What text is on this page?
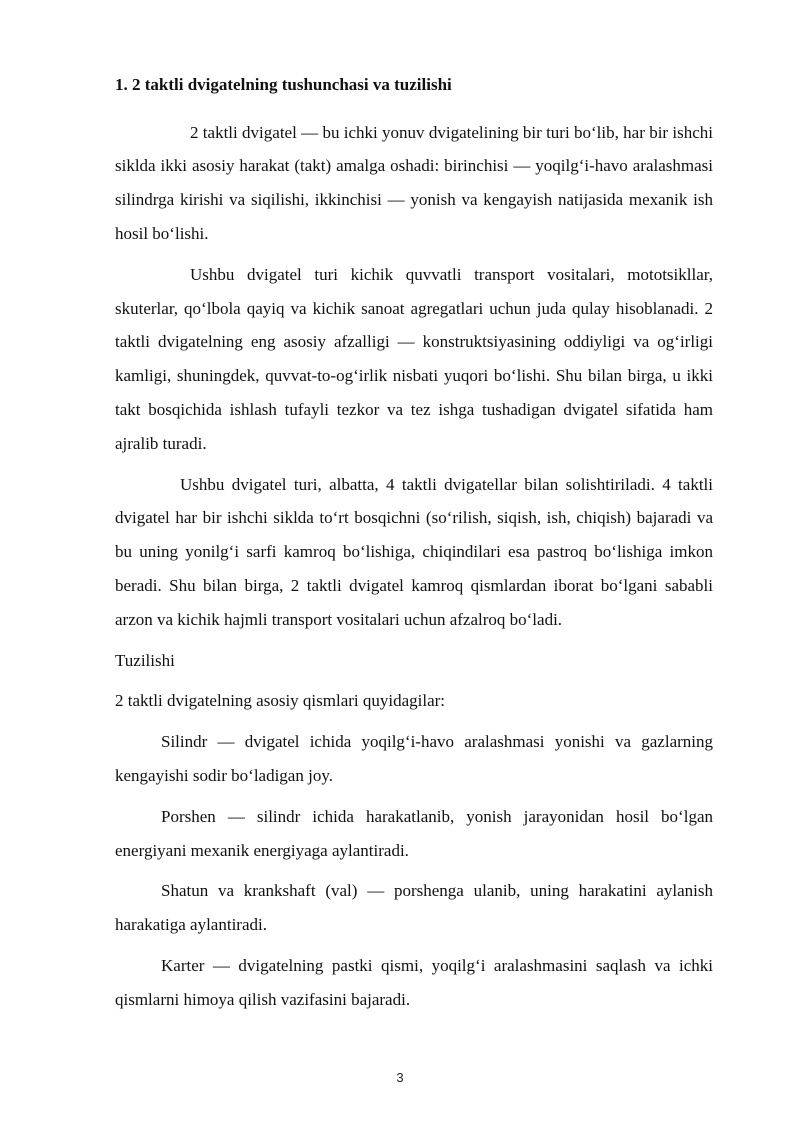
1. 2 taktli dvigatelning tushunchasi va tuzilishi

2 taktli dvigatel — bu ichki yonuv dvigatelining bir turi bo‘lib, har bir ishchi siklda ikki asosiy harakat (takt) amalga oshadi: birinchisi — yoqilg‘i-havo aralashmasi silindrga kirishi va siqilishi, ikkinchisi — yonish va kengayish natijasida mexanik ish hosil bo‘lishi.

Ushbu dvigatel turi kichik quvvatli transport vositalari, mototsikllar, skuterlar, qo‘lbola qayiq va kichik sanoat agregatlari uchun juda qulay hisoblanadi. 2 taktli dvigatelning eng asosiy afzalligi — konstruktsiyasining oddiyligi va og‘irligi kamligi, shuningdek, quvvat-to-og‘irlik nisbati yuqori bo‘lishi. Shu bilan birga, u ikki takt bosqichida ishlash tufayli tezkor va tez ishga tushadigan dvigatel sifatida ham ajralib turadi.

Ushbu dvigatel turi, albatta, 4 taktli dvigatellar bilan solishtiriladi. 4 taktli dvigatel har bir ishchi siklda to‘rt bosqichni (so‘rilish, siqish, ish, chiqish) bajaradi va bu uning yonilg‘i sarfi kamroq bo‘lishiga, chiqindilari esa pastroq bo‘lishiga imkon beradi. Shu bilan birga, 2 taktli dvigatel kamroq qismlardan iborat bo‘lgani sababli arzon va kichik hajmli transport vositalari uchun afzalroq bo‘ladi.

Tuzilishi

2 taktli dvigatelning asosiy qismlari quyidagilar:

Silindr — dvigatel ichida yoqilg‘i-havo aralashmasi yonishi va gazlarning kengayishi sodir bo‘ladigan joy.

Porshen — silindr ichida harakatlanib, yonish jarayonidan hosil bo‘lgan energiyani mexanik energiyaga aylantiradi.

Shatun va krankshaft (val) — porshenga ulanib, uning harakatini aylanish harakatiga aylantiradi.

Karter — dvigatelning pastki qismi, yoqilg‘i aralashmasini saqlash va ichki qismlarni himoya qilish vazifasini bajaradi.

3
